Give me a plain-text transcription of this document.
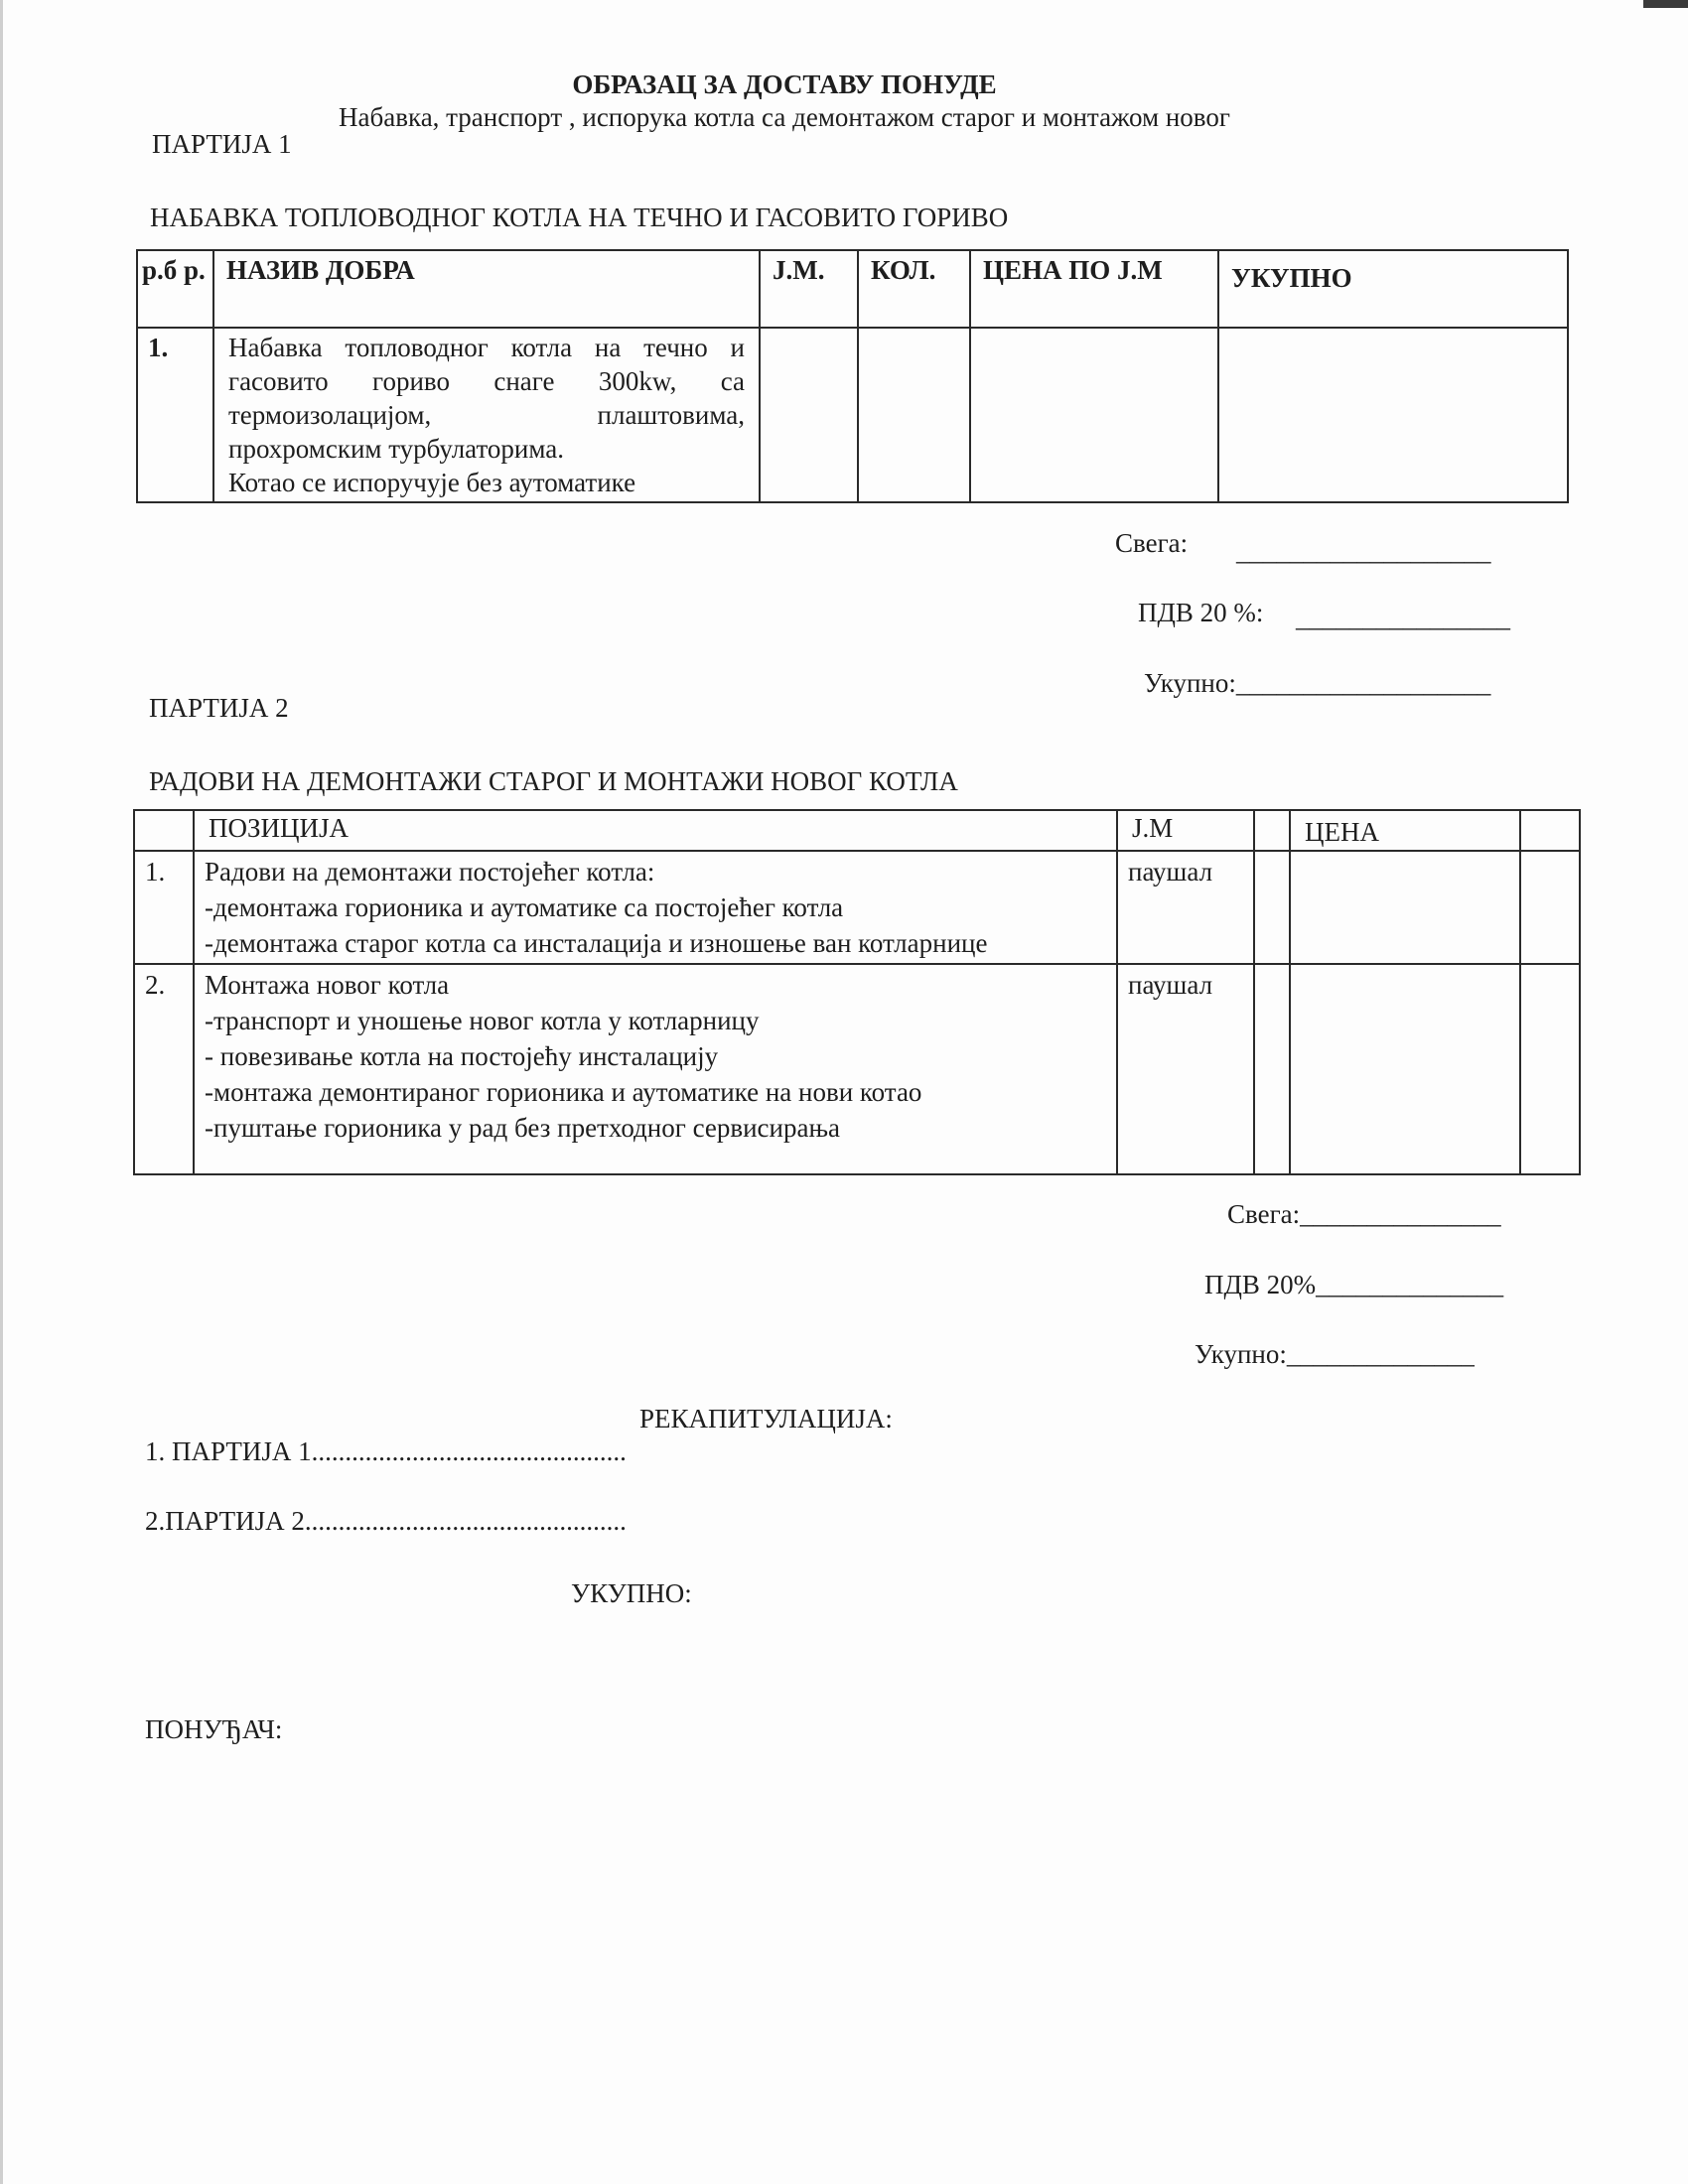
ОБРАЗАЦ ЗА ДОСТАВУ ПОНУДЕ
Набавка, транспорт , испорука котла са демонтажом старог и монтажом новог
ПАРТИЈА 1
НАБАВКА ТОПЛОВОДНОГ КОТЛА НА ТЕЧНО И ГАСОВИТО ГОРИВО
р.б р.	НАЗИВ ДОБРА	Ј.М.	КОЛ.	ЦЕНА ПО Ј.М	УКУПНО
1.	Набавка топловодног котла на течно и гасовито гориво снаге 300kw, са термоизолацијом, плаштовима, прохромским турбулаторима.
Котао се испоручује без аутоматике				

Свега: ___________________
ПДВ 20 %: ________________
Укупно:___________________
ПАРТИЈА 2
РАДОВИ НА ДЕМОНТАЖИ СТАРОГ И МОНТАЖИ НОВОГ КОТЛА
	ПОЗИЦИЈА	Ј.М		ЦЕНА	
1.	Радови на демонтажи постојећег котла:
-демонтажа горионика и аутоматике са постојећег котла
-демонтажа старог котла са инсталација и изношење ван котларнице	паушал			
2.	Монтажа новог котла
-транспорт и уношење новог котла у котларницу
- повезивање котла на постојећу инсталацију
-монтажа демонтираног горионика и аутоматике на нови котао
-пуштање горионика у рад без претходног сервисирања	паушал			
Свега:_______________
ПДВ 20%______________
Укупно:______________
РЕКАПИТУЛАЦИЈА:
1. ПАРТИЈА 1...............................................
2.ПАРТИЈА 2................................................
УКУПНО:
ПОНУЂАЧ:
